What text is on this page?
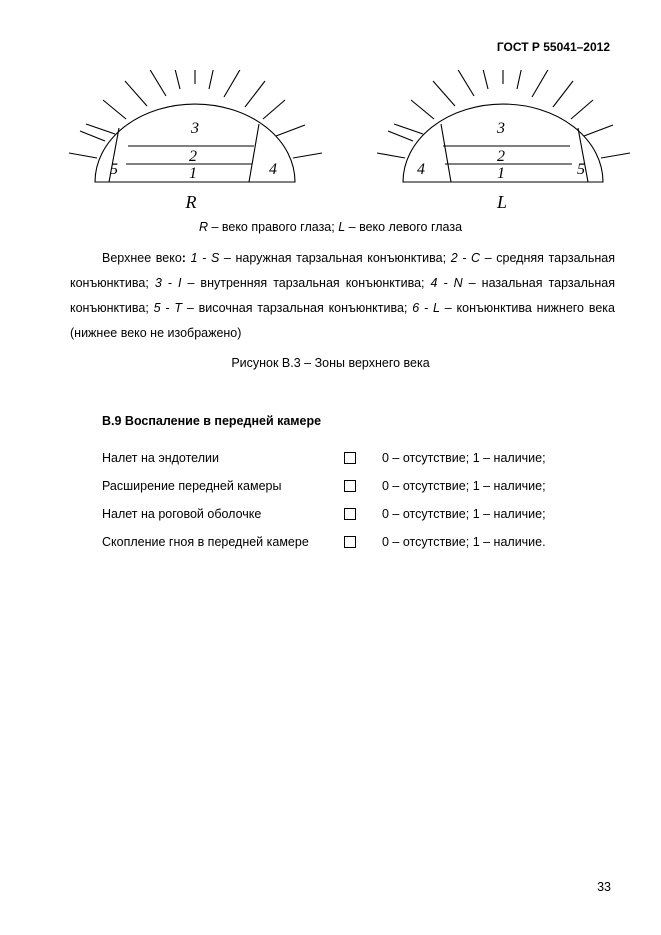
ГОСТ Р 55041–2012
3
2
1
5	4
R
3
2
1
4	5
L
R – веко правого глаза; L – веко левого глаза
Верхнее веко: 1 - S – наружная тарзальная конъюнктива; 2 - C – средняя тарзальная конъюнктива; 3 - I – внутренняя тарзальная конъюнктива; 4 - N – назальная тарзальная конъюнктива; 5 - T – височная тарзальная конъюнктива; 6 - L – конъюнктива нижнего века (нижнее веко не изображено)
Рисунок В.3 – Зоны верхнего века
В.9 Воспаление в передней камере
Налет на эндотелии	0 – отсутствие; 1 – наличие;
Расширение передней камеры	0 – отсутствие; 1 – наличие;
Налет на роговой оболочке	0 – отсутствие; 1 – наличие;
Скопление гноя в передней камере	0 – отсутствие; 1 – наличие.
33
